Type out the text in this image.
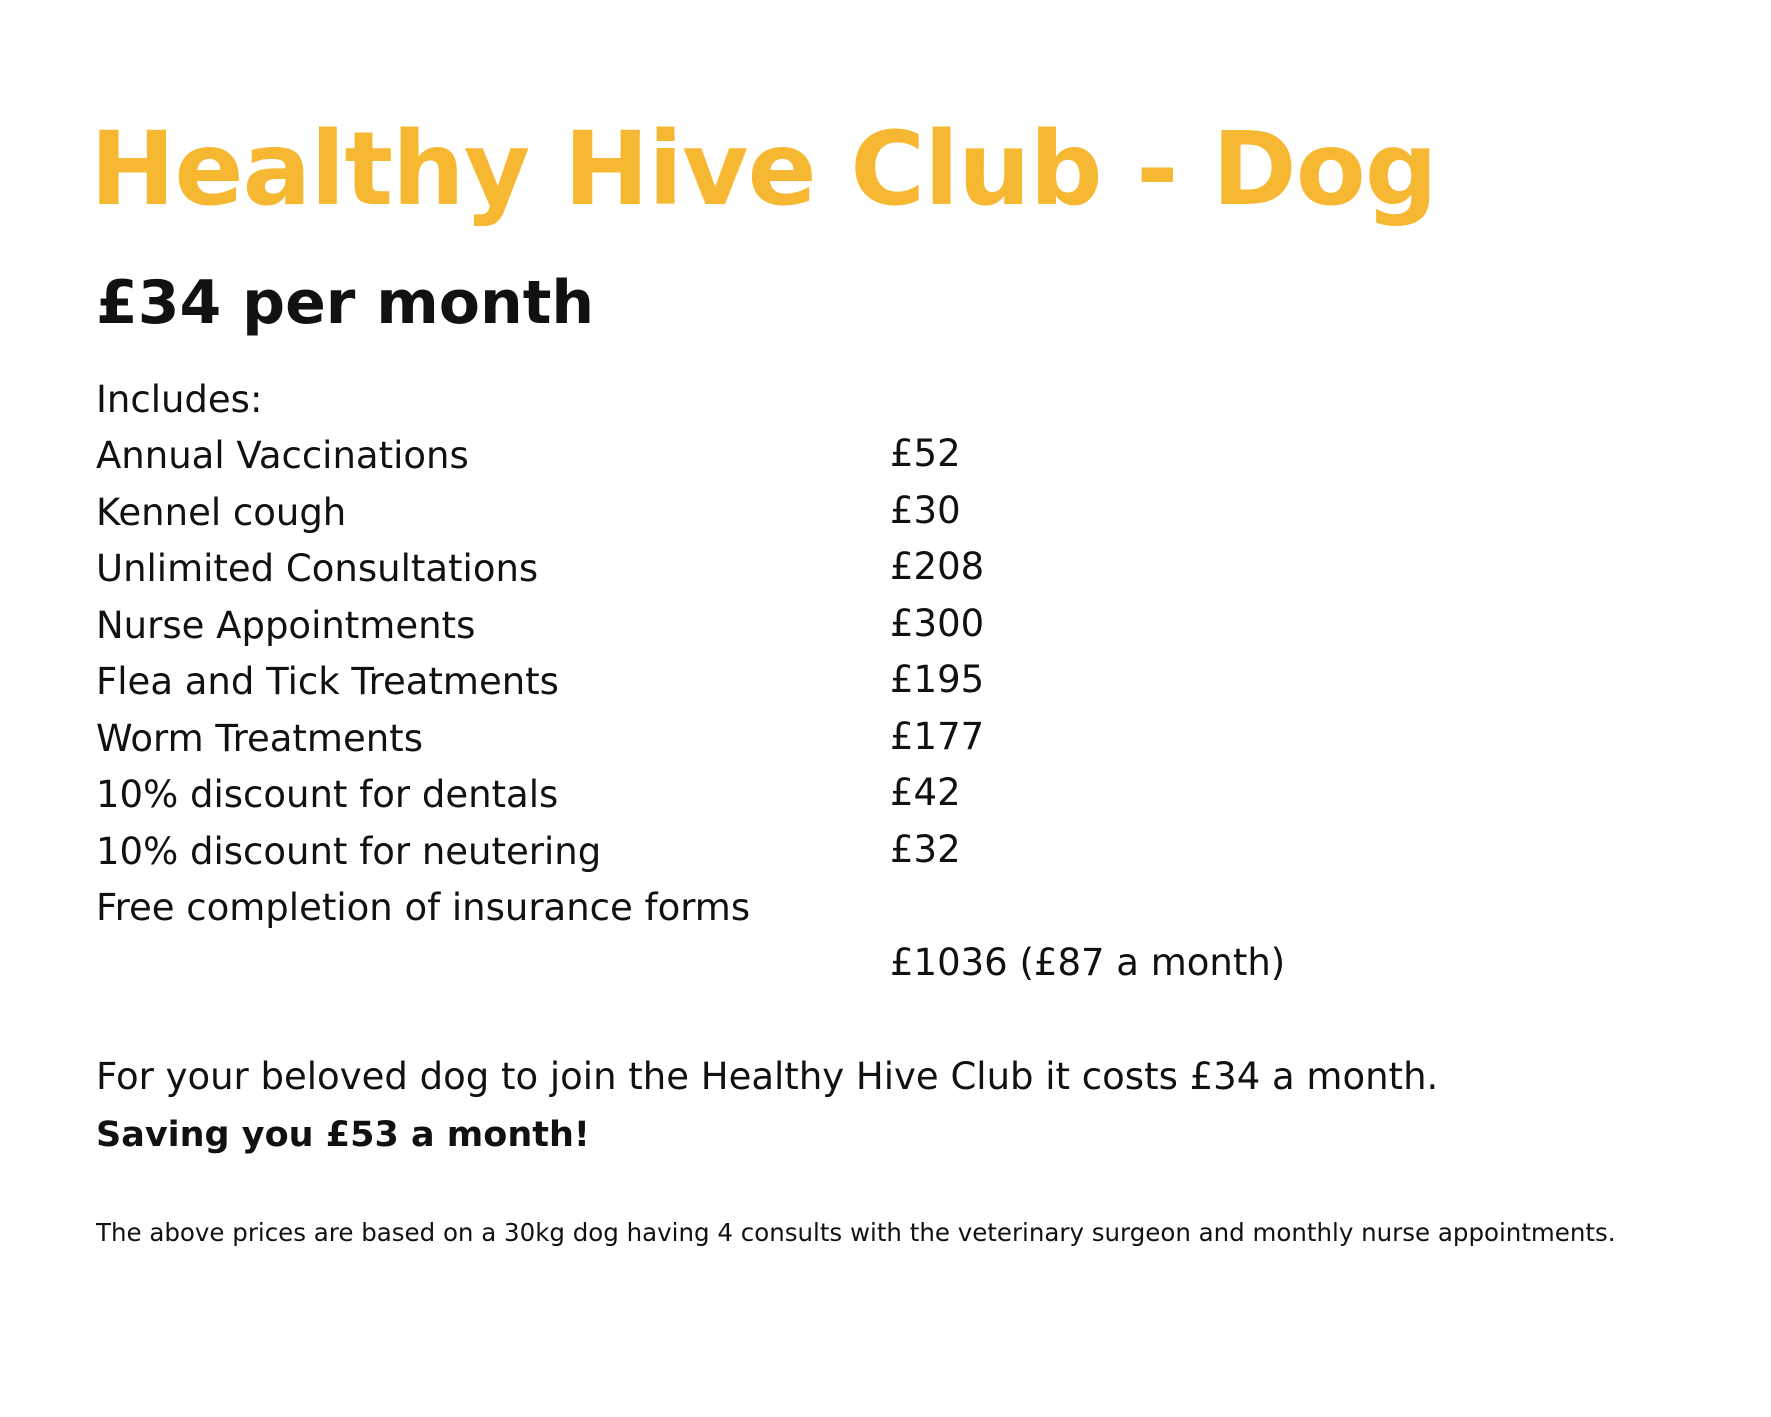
Healthy Hive Club - Dog
£34 per month

Includes:

Annual Vaccinations	£52
Kennel cough	£30
Unlimited Consultations	£208
Nurse Appointments	£300
Flea and Tick Treatments	£195
Worm Treatments	£177
10% discount for dentals	£42
10% discount for neutering	£32
Free completion of insurance forms
£1036 (£87 a month)

For your beloved dog to join the Healthy Hive Club it costs £34 a month.

Saving you £53 a month!

The above prices are based on a 30kg dog having 4 consults with the veterinary surgeon and monthly nurse appointments.
